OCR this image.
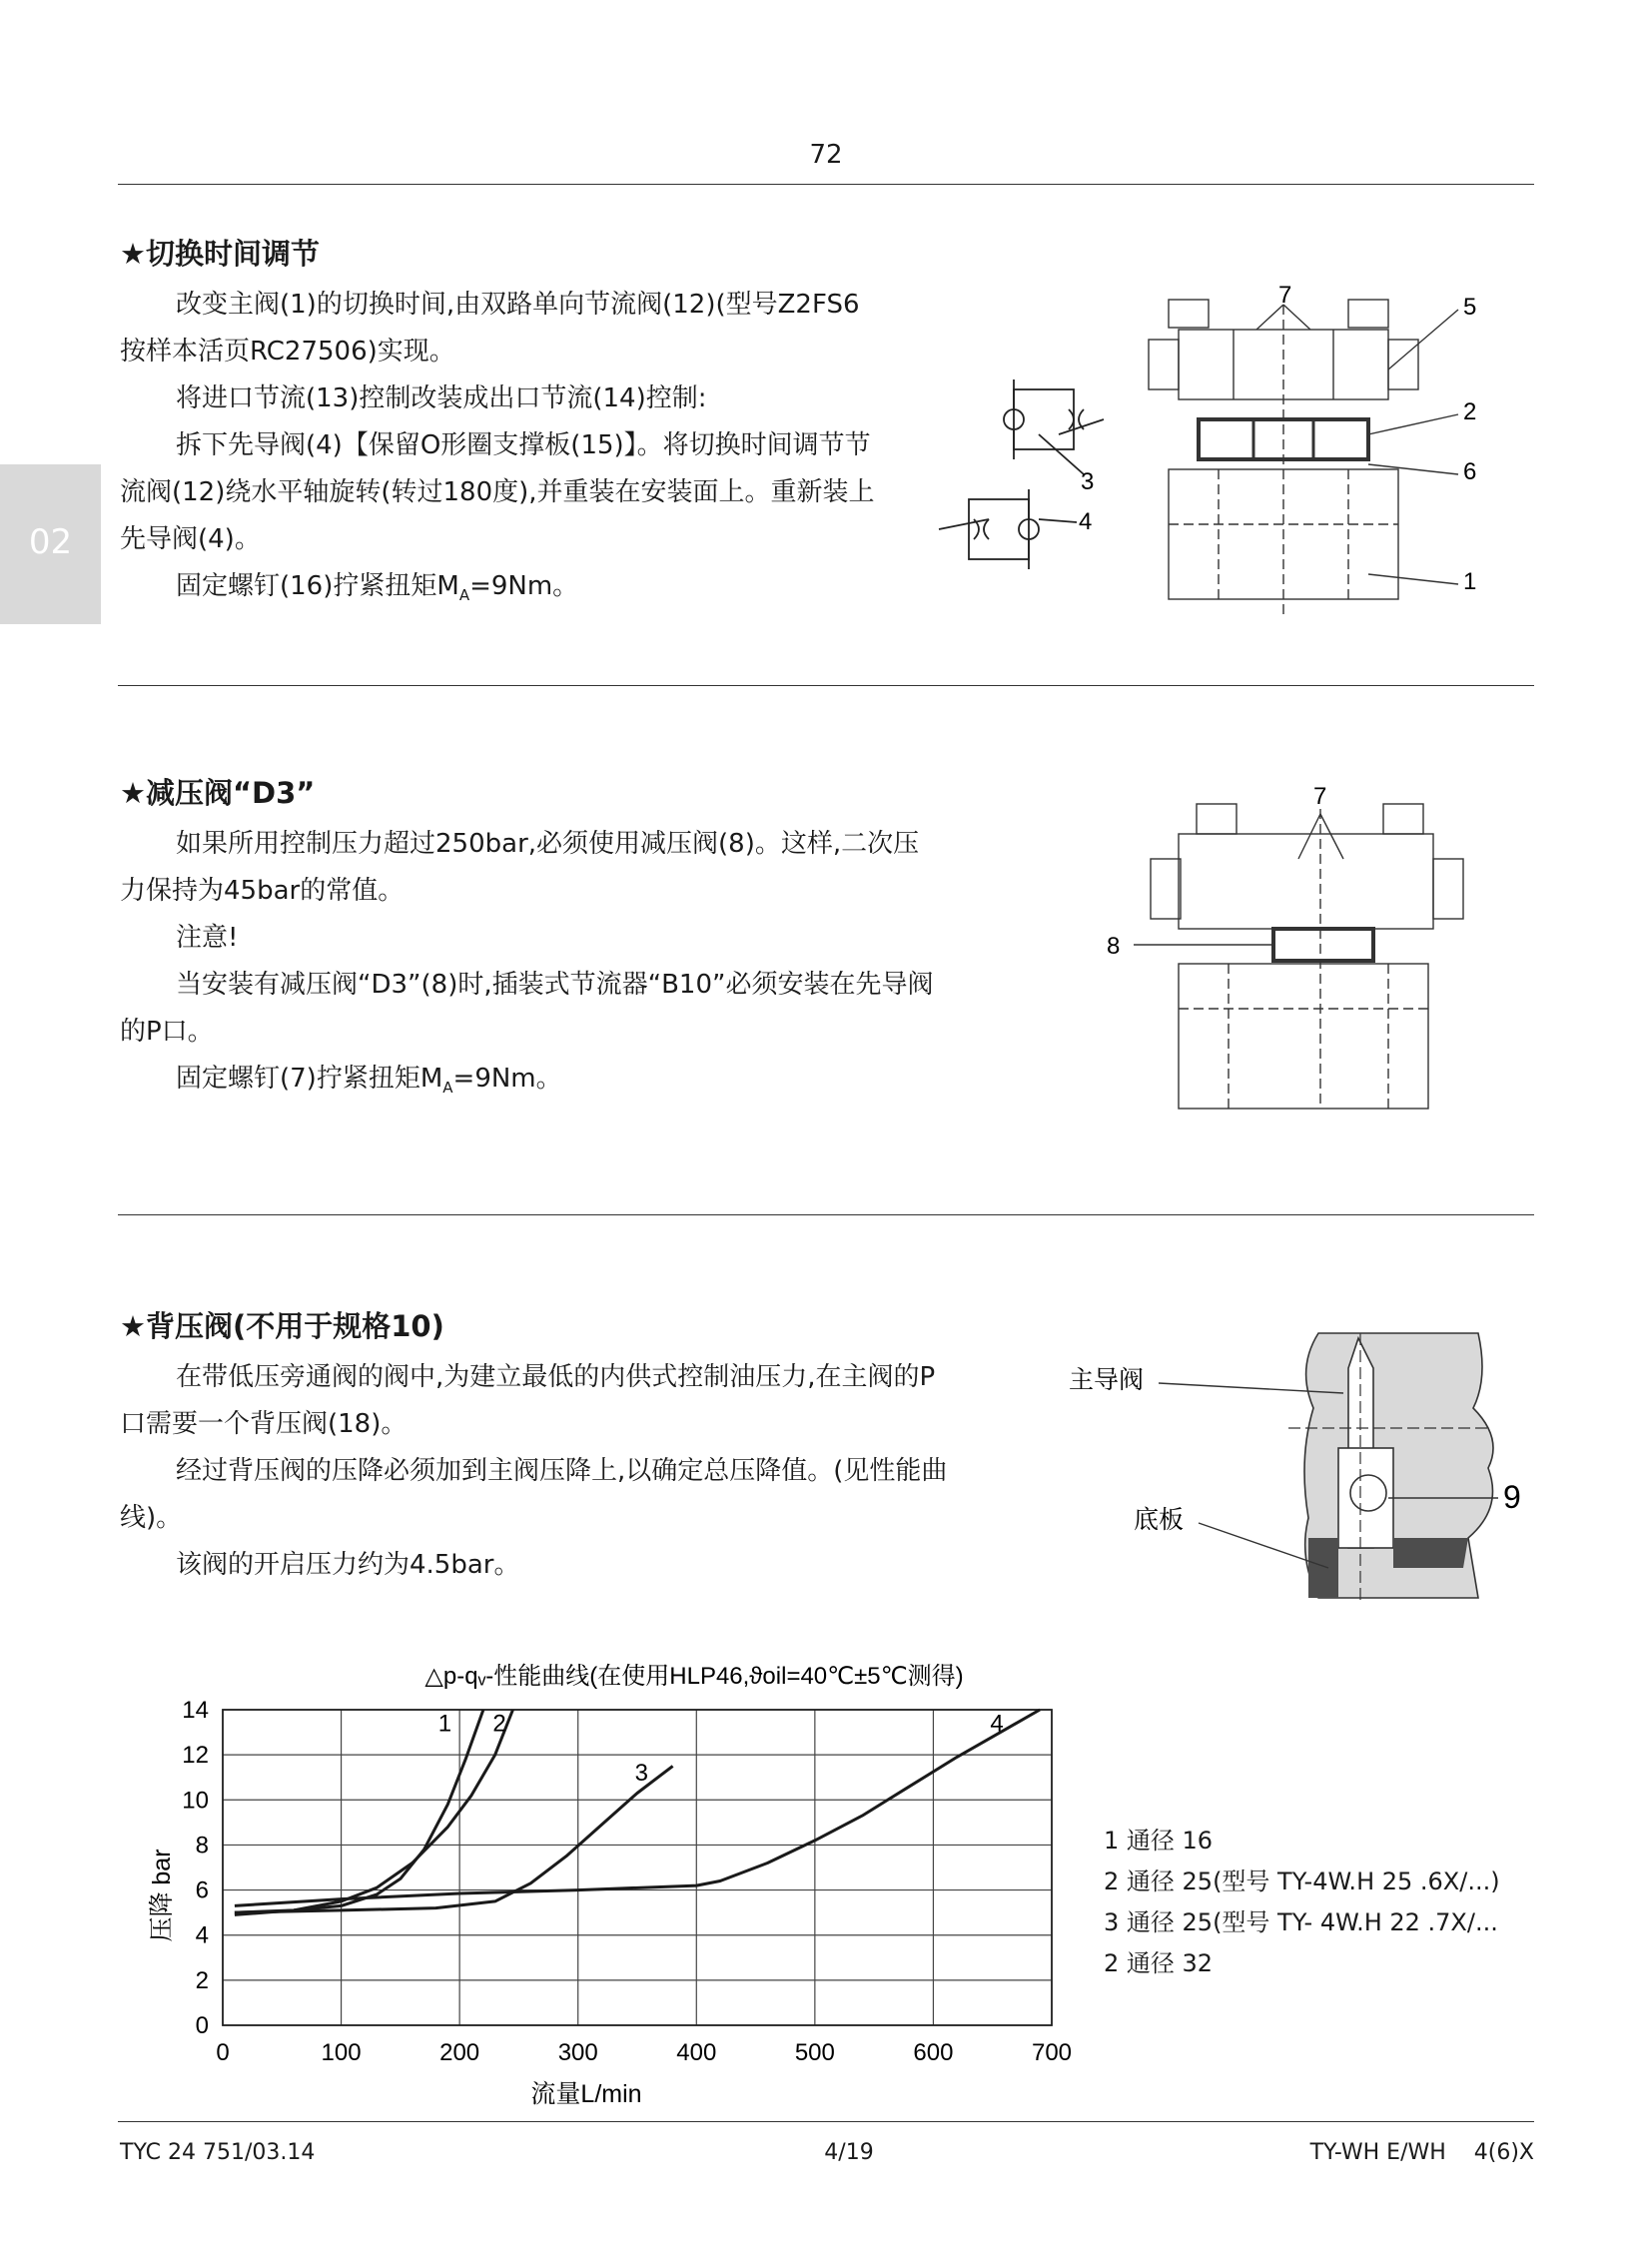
72
02
★切换时间调节

改变主阀(1)的切换时间,由双路单向节流阀(12)(型号Z2FS6按样本活页RC27506)实现。

将进口节流(13)控制改装成出口节流(14)控制:

拆下先导阀(4)【保留O形圈支撑板(15)】。将切换时间调节节流阀(12)绕水平轴旋转(转过180度),并重装在安装面上。重新装上先导阀(4)。

固定螺钉(16)拧紧扭矩$M_A=9Nm$。

3
4
7	5
2
6
1
★减压阀“D3”

如果所用控制压力超过250bar,必须使用减压阀(8)。这样,二次压力保持为45bar的常值。

注意!

当安装有减压阀“D3”(8)时,插装式节流器“B10”必须安装在先导阀的P口。

固定螺钉(7)拧紧扭矩$M_A=9Nm$。

7
8
★背压阀(不用于规格10)

在带低压旁通阀的阀中,为建立最低的内供式控制油压力,在主阀的P口需要一个背压阀(18)。

经过背压阀的压降必须加到主阀压降上,以确定总压降值。(见性能曲线)。

该阀的开启压力约为4.5bar。

主导阀
底板
9
△p-qᵥ-性能曲线(在使用HLP46,ϑoil=40℃±5℃测得)
0	100	200	300	400	500	600	700
0
2
4
6
8
10
12
14
1 2
3
4
流量L/min
压降 bar
1 通径 16
2 通径 25(型号 TY-4W.H 25 .6X/...)
3 通径 25(型号 TY- 4W.H 22 .7X/...
2 通径 32
TYC 24 751/03.14	4/19	TY-WH E/WH    4(6)X
